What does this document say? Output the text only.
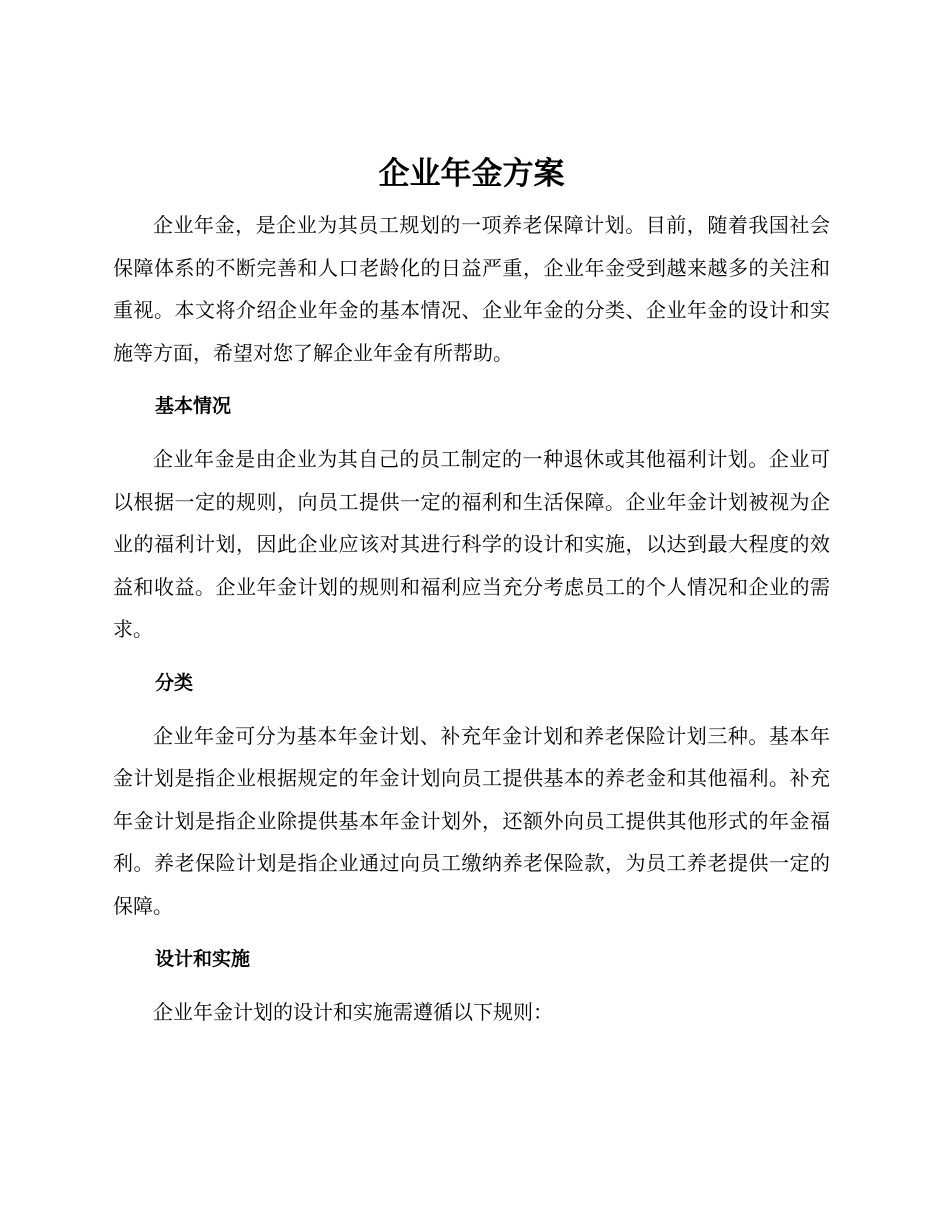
企业年金方案

企业年金，是企业为其员工规划的一项养老保障计划。目前，随着我国社会保障体系的不断完善和人口老龄化的日益严重，企业年金受到越来越多的关注和重视。本文将介绍企业年金的基本情况、企业年金的分类、企业年金的设计和实施等方面，希望对您了解企业年金有所帮助。

基本情况

企业年金是由企业为其自己的员工制定的一种退休或其他福利计划。企业可以根据一定的规则，向员工提供一定的福利和生活保障。企业年金计划被视为企业的福利计划，因此企业应该对其进行科学的设计和实施，以达到最大程度的效益和收益。企业年金计划的规则和福利应当充分考虑员工的个人情况和企业的需求。

分类

企业年金可分为基本年金计划、补充年金计划和养老保险计划三种。基本年金计划是指企业根据规定的年金计划向员工提供基本的养老金和其他福利。补充年金计划是指企业除提供基本年金计划外，还额外向员工提供其他形式的年金福利。养老保险计划是指企业通过向员工缴纳养老保险款，为员工养老提供一定的保障。

设计和实施

企业年金计划的设计和实施需遵循以下规则：
